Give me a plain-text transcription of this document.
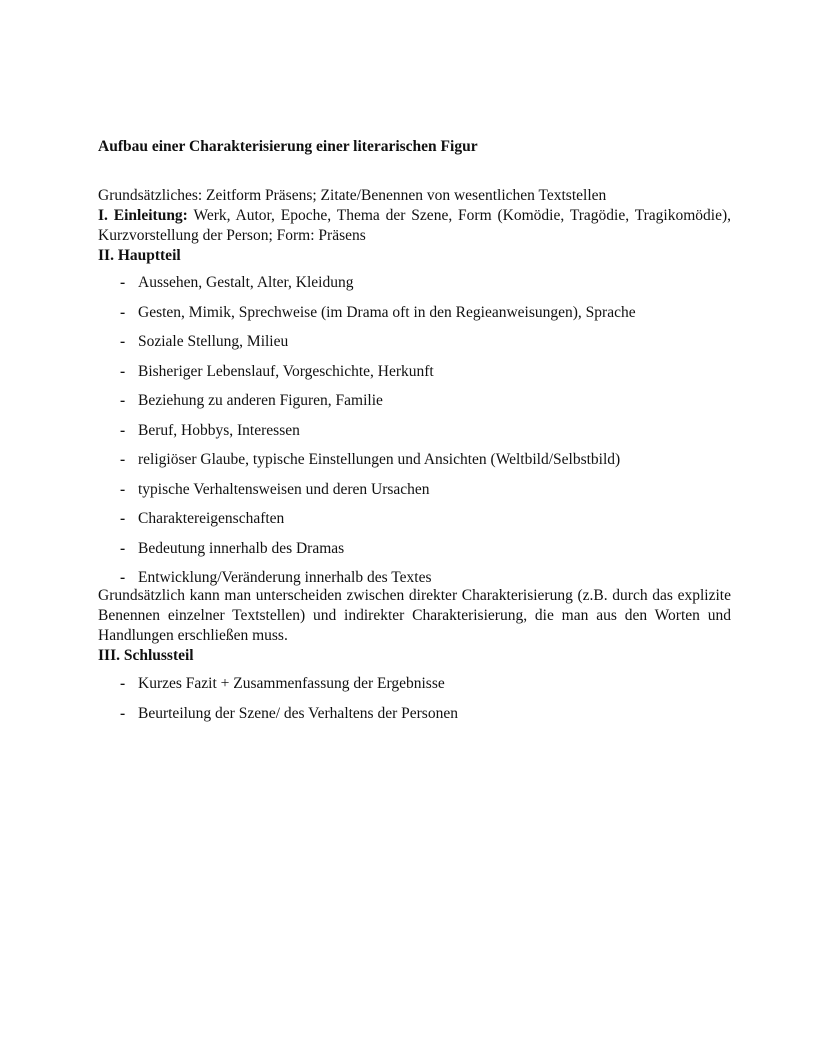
Aufbau einer Charakterisierung einer literarischen Figur
Grundsätzliches: Zeitform Präsens; Zitate/Benennen von wesentlichen Textstellen
I. Einleitung: Werk, Autor, Epoche, Thema der Szene, Form (Komödie, Tragödie, Tragikomödie), Kurzvorstellung der Person; Form: Präsens
II. Hauptteil
- Aussehen, Gestalt, Alter, Kleidung
- Gesten, Mimik, Sprechweise (im Drama oft in den Regieanweisungen), Sprache
- Soziale Stellung, Milieu
- Bisheriger Lebenslauf, Vorgeschichte, Herkunft
- Beziehung zu anderen Figuren, Familie
- Beruf, Hobbys, Interessen
- religiöser Glaube, typische Einstellungen und Ansichten (Weltbild/Selbstbild)
- typische Verhaltensweisen und deren Ursachen
- Charaktereigenschaften
- Bedeutung innerhalb des Dramas
- Entwicklung/Veränderung innerhalb des Textes
Grundsätzlich kann man unterscheiden zwischen direkter Charakterisierung (z.B. durch das explizite Benennen einzelner Textstellen) und indirekter Charakterisierung, die man aus den Worten und Handlungen erschließen muss.
III. Schlussteil
- Kurzes Fazit + Zusammenfassung der Ergebnisse
- Beurteilung der Szene/ des Verhaltens der Personen
